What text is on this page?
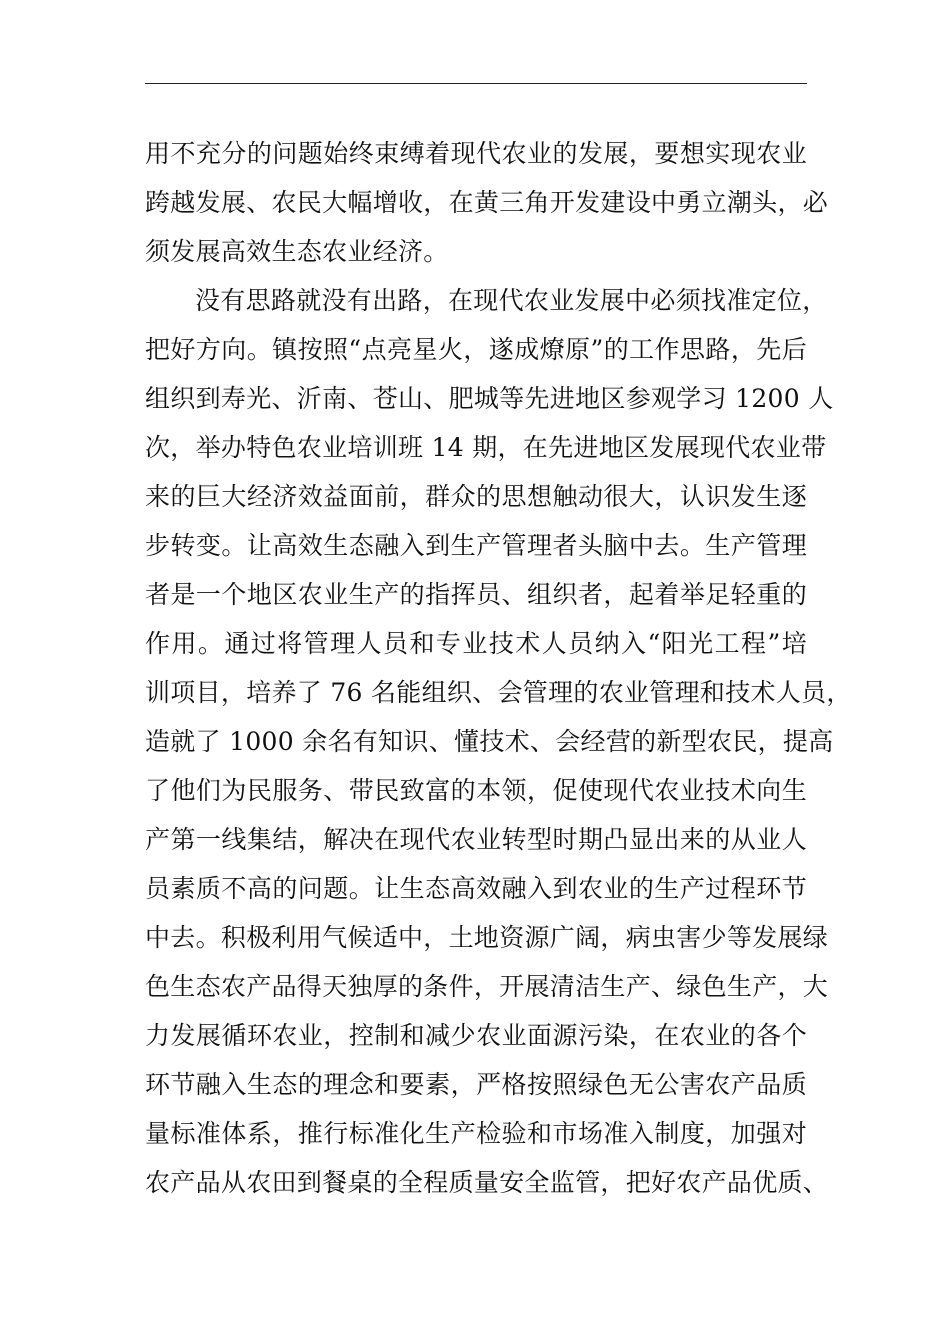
用不充分的问题始终束缚着现代农业的发展，要想实现农业
跨越发展、农民大幅增收，在黄三角开发建设中勇立潮头，必
须发展高效生态农业经济。
没有思路就没有出路，在现代农业发展中必须找准定位，
把好方向。镇按照“点亮星火，遂成燎原”的工作思路，先后
组织到寿光、沂南、苍山、肥城等先进地区参观学习 1200 人
次，举办特色农业培训班 14 期，在先进地区发展现代农业带
来的巨大经济效益面前，群众的思想触动很大，认识发生逐
步转变。让高效生态融入到生产管理者头脑中去。生产管理
者是一个地区农业生产的指挥员、组织者，起着举足轻重的
作用。通过将管理人员和专业技术人员纳入“阳光工程”培
训项目，培养了 76 名能组织、会管理的农业管理和技术人员，
造就了 1000 余名有知识、懂技术、会经营的新型农民，提高
了他们为民服务、带民致富的本领，促使现代农业技术向生
产第一线集结，解决在现代农业转型时期凸显出来的从业人
员素质不高的问题。让生态高效融入到农业的生产过程环节
中去。积极利用气候适中，土地资源广阔，病虫害少等发展绿
色生态农产品得天独厚的条件，开展清洁生产、绿色生产，大
力发展循环农业，控制和减少农业面源污染，在农业的各个
环节融入生态的理念和要素，严格按照绿色无公害农产品质
量标准体系，推行标准化生产检验和市场准入制度，加强对
农产品从农田到餐桌的全程质量安全监管，把好农产品优质、
